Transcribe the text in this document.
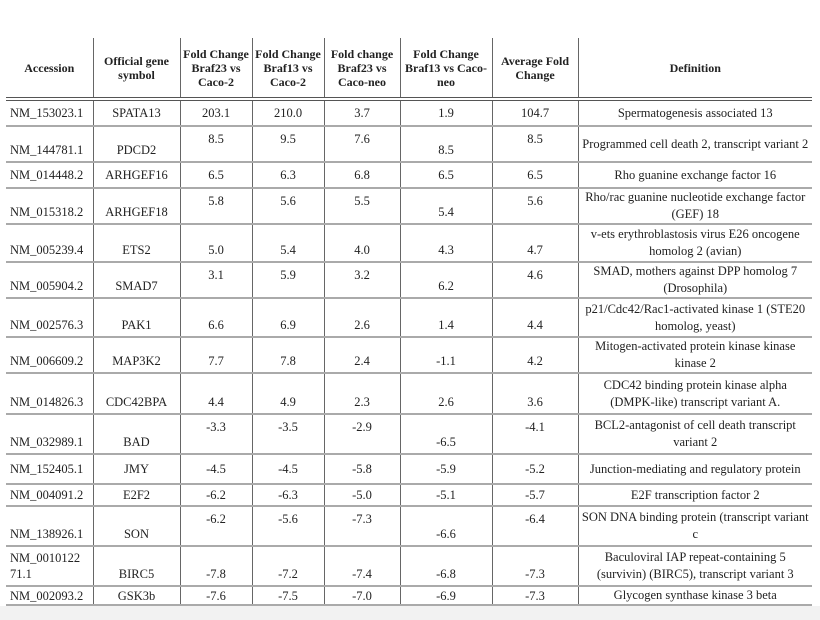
Accession	Official gene symbol	Fold Change Braf23 vs Caco-2	Fold Change Braf13 vs Caco-2	Fold change Braf23 vs Caco-neo	Fold Change Braf13 vs Caco-neo	Average Fold Change	Definition
NM_153023.1	SPATA13	203.1	210.0	3.7	1.9	104.7	Spermatogenesis associated 13
NM_144781.1	PDCD2	8.5	9.5	7.6	8.5	8.5	Programmed cell death 2, transcript variant 2
NM_014448.2	ARHGEF16	6.5	6.3	6.8	6.5	6.5	Rho guanine exchange factor 16
NM_015318.2	ARHGEF18	5.8	5.6	5.5	5.4	5.6	Rho/rac guanine nucleotide exchange factor (GEF) 18
NM_005239.4	ETS2	5.0	5.4	4.0	4.3	4.7	v-ets erythroblastosis virus E26 oncogene homolog 2 (avian)
NM_005904.2	SMAD7	3.1	5.9	3.2	6.2	4.6	SMAD, mothers against DPP homolog 7 (Drosophila)
NM_002576.3	PAK1	6.6	6.9	2.6	1.4	4.4	p21/Cdc42/Rac1-activated kinase 1 (STE20 homolog, yeast)
NM_006609.2	MAP3K2	7.7	7.8	2.4	-1.1	4.2	Mitogen-activated protein kinase kinase kinase 2
NM_014826.3	CDC42BPA	4.4	4.9	2.3	2.6	3.6	CDC42 binding protein kinase alpha (DMPK-like) transcript variant A.
NM_032989.1	BAD	-3.3	-3.5	-2.9	-6.5	-4.1	BCL2-antagonist of cell death transcript variant 2
NM_152405.1	JMY	-4.5	-4.5	-5.8	-5.9	-5.2	Junction-mediating and regulatory protein
NM_004091.2	E2F2	-6.2	-6.3	-5.0	-5.1	-5.7	E2F transcription factor 2
NM_138926.1	SON	-6.2	-5.6	-7.3	-6.6	-6.4	SON DNA binding protein (transcript variant c
NM_0010122 71.1	BIRC5	-7.8	-7.2	-7.4	-6.8	-7.3	Baculoviral IAP repeat-containing 5 (survivin) (BIRC5), transcript variant 3
NM_002093.2	GSK3b	-7.6	-7.5	-7.0	-6.9	-7.3	Glycogen synthase kinase 3 beta
